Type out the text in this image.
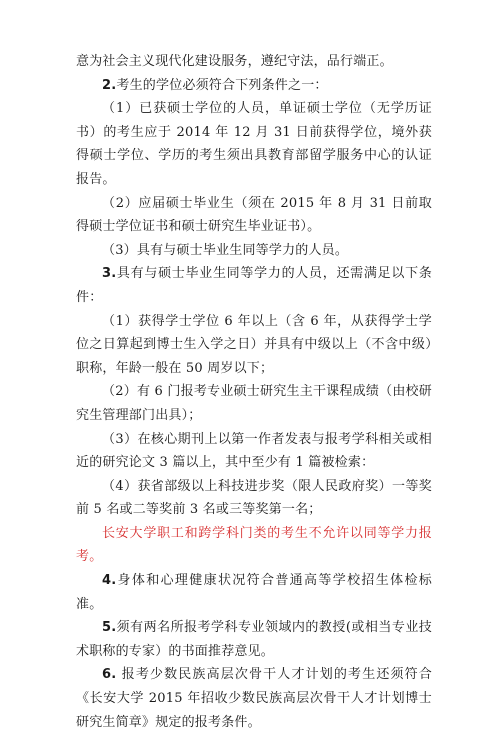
意为社会主义现代化建设服务，遵纪守法，品行端正。

2.考生的学位必须符合下列条件之一：

（1）已获硕士学位的人员，单证硕士学位（无学历证书）的考生应于 2014 年 12 月 31 日前获得学位，境外获得硕士学位、学历的考生须出具教育部留学服务中心的认证报告。

（2）应届硕士毕业生（须在 2015 年 8 月 31 日前取得硕士学位证书和硕士研究生毕业证书）。

（3）具有与硕士毕业生同等学力的人员。

3.具有与硕士毕业生同等学力的人员，还需满足以下条件：

（1）获得学士学位 6 年以上（含 6 年，从获得学士学位之日算起到博士生入学之日）并具有中级以上（不含中级）职称，年龄一般在 50 周岁以下；

（2）有 6 门报考专业硕士研究生主干课程成绩（由校研究生管理部门出具）；

（3）在核心期刊上以第一作者发表与报考学科相关或相近的研究论文 3 篇以上，其中至少有 1 篇被检索：

（4）获省部级以上科技进步奖（限人民政府奖）一等奖前 5 名或二等奖前 3 名或三等奖第一名；

长安大学职工和跨学科门类的考生不允许以同等学力报考。

4.身体和心理健康状况符合普通高等学校招生体检标准。

5.须有两名所报考学科专业领域内的教授(或相当专业技术职称的专家）的书面推荐意见。

6. 报考少数民族高层次骨干人才计划的考生还须符合《长安大学 2015 年招收少数民族高层次骨干人才计划博士研究生简章》规定的报考条件。
